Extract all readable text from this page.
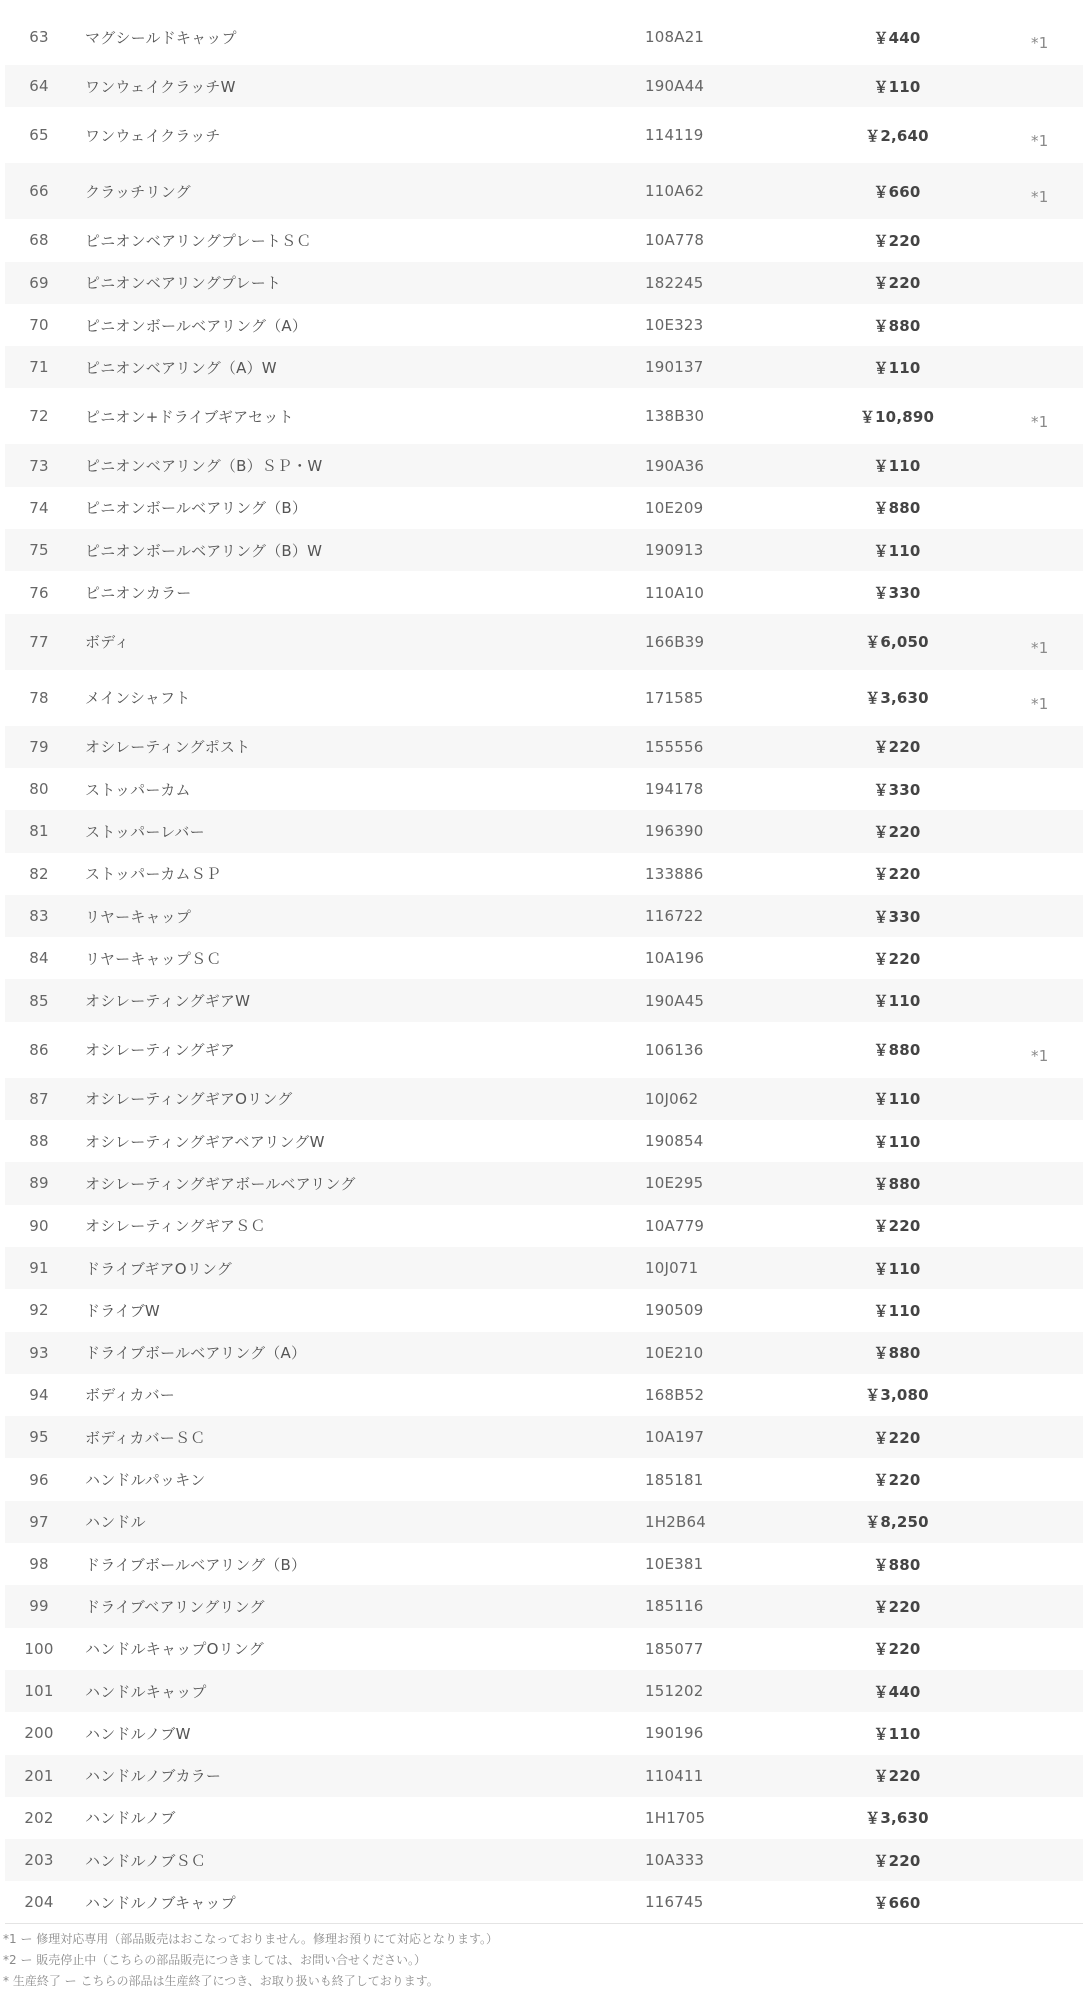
63	マグシールドキャップ	108A21	￥440	*1
64	ワンウェイクラッチW	190A44	￥110	
65	ワンウェイクラッチ	114119	￥2,640	*1
66	クラッチリング	110A62	￥660	*1
68	ピニオンベアリングプレートＳＣ	10A778	￥220	
69	ピニオンベアリングプレート	182245	￥220	
70	ピニオンボールベアリング（A）	10E323	￥880	
71	ピニオンベアリング（A）W	190137	￥110	
72	ピニオン+ドライブギアセット	138B30	￥10,890	*1
73	ピニオンベアリング（B）ＳＰ・W	190A36	￥110	
74	ピニオンボールベアリング（B）	10E209	￥880	
75	ピニオンボールベアリング（B）W	190913	￥110	
76	ピニオンカラー	110A10	￥330	
77	ボディ	166B39	￥6,050	*1
78	メインシャフト	171585	￥3,630	*1
79	オシレーティングポスト	155556	￥220	
80	ストッパーカム	194178	￥330	
81	ストッパーレバー	196390	￥220	
82	ストッパーカムＳＰ	133886	￥220	
83	リヤーキャップ	116722	￥330	
84	リヤーキャップＳＣ	10A196	￥220	
85	オシレーティングギアW	190A45	￥110	
86	オシレーティングギア	106136	￥880	*1
87	オシレーティングギアOリング	10J062	￥110	
88	オシレーティングギアベアリングW	190854	￥110	
89	オシレーティングギアボールベアリング	10E295	￥880	
90	オシレーティングギアＳＣ	10A779	￥220	
91	ドライブギアOリング	10J071	￥110	
92	ドライブW	190509	￥110	
93	ドライブボールベアリング（A）	10E210	￥880	
94	ボディカバー	168B52	￥3,080	
95	ボディカバーＳＣ	10A197	￥220	
96	ハンドルパッキン	185181	￥220	
97	ハンドル	1H2B64	￥8,250	
98	ドライブボールベアリング（B）	10E381	￥880	
99	ドライブベアリングリング	185116	￥220	
100	ハンドルキャップOリング	185077	￥220	
101	ハンドルキャップ	151202	￥440	
200	ハンドルノブW	190196	￥110	
201	ハンドルノブカラー	110411	￥220	
202	ハンドルノブ	1H1705	￥3,630	
203	ハンドルノブＳＣ	10A333	￥220	
204	ハンドルノブキャップ	116745	￥660	
*1 ー 修理対応専用（部品販売はおこなっておりません。修理お預りにて対応となります。）
*2 ー 販売停止中（こちらの部品販売につきましては、お問い合せください。）
* 生産終了 ー こちらの部品は生産終了につき、お取り扱いも終了しております。
